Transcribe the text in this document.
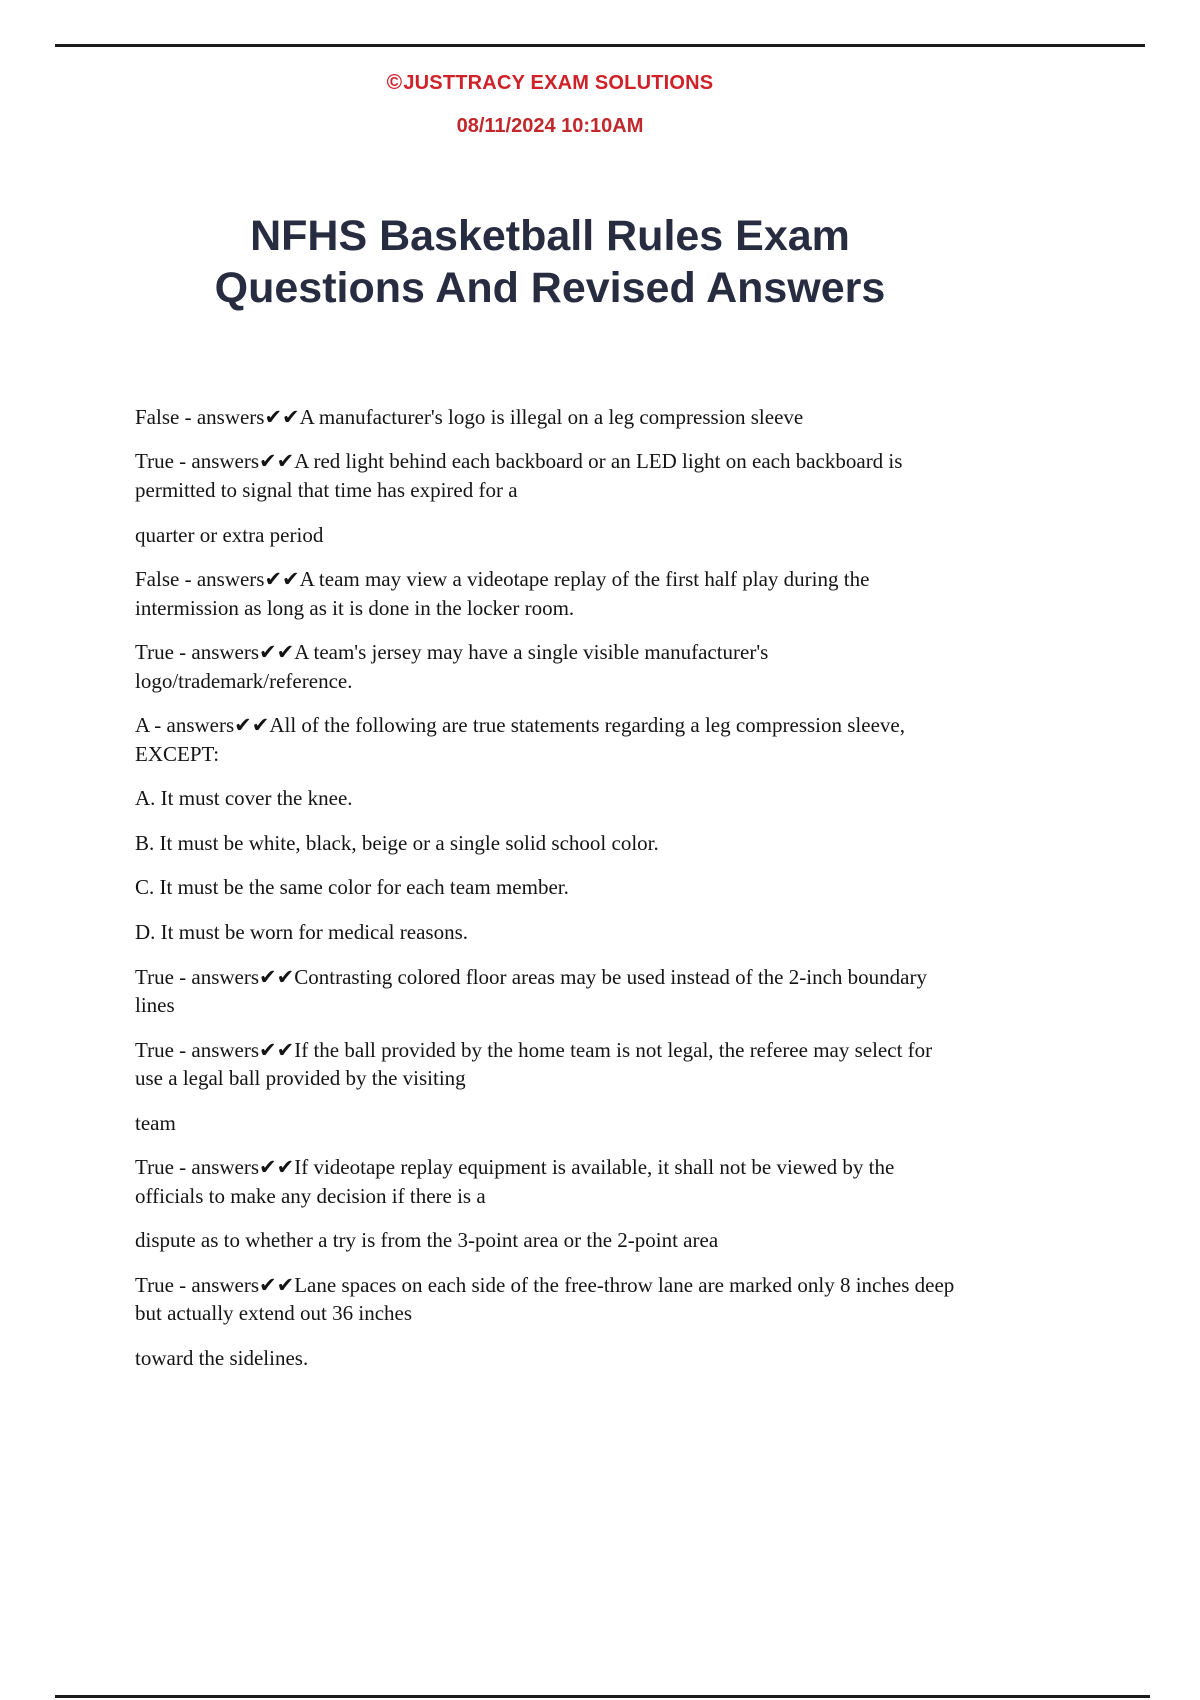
©JUSTTRACY EXAM SOLUTIONS
08/11/2024 10:10AM
NFHS Basketball Rules Exam Questions And Revised Answers

False - answers✔✔A manufacturer's logo is illegal on a leg compression sleeve

True - answers✔✔A red light behind each backboard or an LED light on each backboard is permitted to signal that time has expired for a

quarter or extra period

False - answers✔✔A team may view a videotape replay of the first half play during the intermission as long as it is done in the locker room.

True - answers✔✔A team's jersey may have a single visible manufacturer's logo/trademark/reference.

A - answers✔✔All of the following are true statements regarding a leg compression sleeve, EXCEPT:

A. It must cover the knee.

B. It must be white, black, beige or a single solid school color.

C. It must be the same color for each team member.

D. It must be worn for medical reasons.

True - answers✔✔Contrasting colored floor areas may be used instead of the 2-inch boundary lines

True - answers✔✔If the ball provided by the home team is not legal, the referee may select for use a legal ball provided by the visiting

team

True - answers✔✔If videotape replay equipment is available, it shall not be viewed by the officials to make any decision if there is a

dispute as to whether a try is from the 3-point area or the 2-point area

True - answers✔✔Lane spaces on each side of the free-throw lane are marked only 8 inches deep but actually extend out 36 inches

toward the sidelines.
